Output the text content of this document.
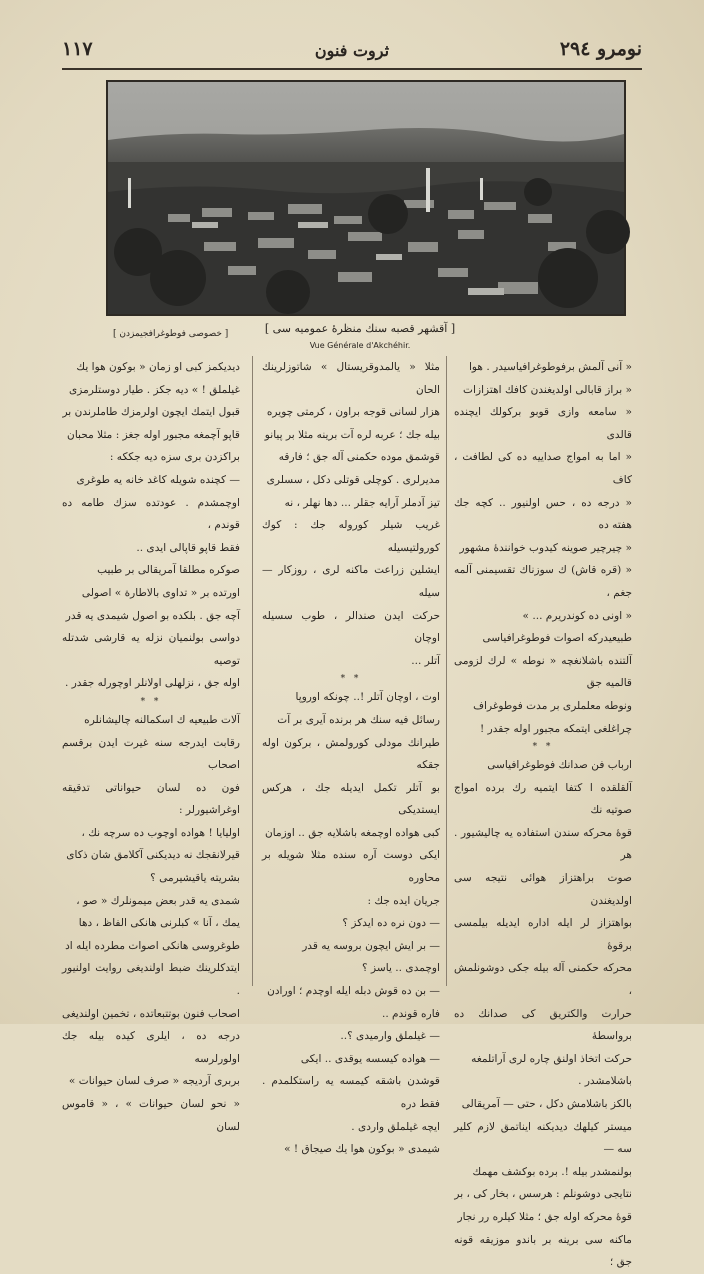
نومرو ٢٩٤
ثروت فنون
١١٧
[ آقشهر قصبه سنك منظرۀ عموميه سى ]
Vue Générale d'Akchéhir.
[ خصوصى فوطوغرافجيمزدن ]

« آنى آلمش برفوطوغرافياسيدر . هوا

« براز قابالى اولديغندن كافك اهتزازات

« سامعه وازى قوبو بركولك ايچنده قالدى

« اما به امواج صداييه ده كى لطافت ، كاف

« درجه ده ، حس اولنيور .. كچه جك هفته ده

« چيرچير صوينه كيدوب خوانندۀ مشهور

« (قره قاش) ك سوزناك تقسيمنى آلمه جغم ،

« اونى ده كوندريرم ... »

طبيعيدركه اصوات فوطوغرافياسى

آلتنده باشلانغچه « نوطه » لرك لزومى قالميه جق

ونوطه معلملرى بر مدت فوطوغراف

چراغلغى ايتمكه مجبور اوله جقدر !

* *

ارباب فن صدانك فوطوغرافياسى

آلقلقده ا كتفا ايتميه رك برده امواج صوتيه نك

قوۀ محركه سندن استفاده يه چاليشيور . هر

صوت براهتزاز هوائى نتيجه سى اولديغندن

بواهتزاز لر ايله اداره ايديله بيلمسى برقوۀ

محركه حكمنى آله بيله جكى دوشونلمش ،

حرارت والكتريق كى صدانك ده برواسطۀ

حركت اتخاذ اولنق چاره لرى آراتلمغه

باشلامشدر .

بالكز باشلامش دكل ، حتى — آمريقالى

ميستر كيلهك ديديكنه ايناتمق لازم كلير سه —

بولنمشدر بيله !. برده بوكشف مهمك

نتايجى دوشونلم : هرسس ، بخار كى ، بر

قوۀ محركه اوله جق ؛ مثلا كيلره رر نجار

ماكنه سى برينه بر باندو موزيقه قونه جق ؛

مثلا « يالمدوقريستال » شاتوزلرينك الحان

هزار لسانى قوجه براون ، كرمتى چويره

بيله جك ؛ عربه لره آت برينه مثلا بر پيانو

قوشمق موده حكمنى آله جق ؛ فارقه

مديرلرى . كوچلى قوتلى دكل ، سسلرى

تيز آدملر آرايه جقلر ... دها نهلر ، نه

غريب شيلر كوروله جك : كوك كورولتيسيله

ايشلين زراعت ماكنه لرى ، روزكار — سيله

حركت ايدن صندالر ، طوب سسيله اوچان

آتلر ...

* *

اوت ، اوچان آتلر !.. چونكه اوروپا

رسائل فيه سنك هر برنده آيرى بر آت

طيرانك مودلى كورولمش ، بركون اوله جقكه

بو آتلر تكمل ايديله جك ، هركس ايستديكى

كبى هواده اوچمغه باشلايه جق .. اوزمان

ايكى دوست آره سنده مثلا شويله بر محاوره

جريان ايده جك :

— دون نره ده ايدكز ؟

— بر ايش ايچون بروسه يه قدر

اوچمدى .. ياسز ؟

— بن ده قوش دبله ايله اوچدم ؛ اورادن

فاره قوندم ..

— غيلملق وارميدى ؟..

— هواده كيسسه يوقدى .. ايكى

قوشدن باشقه كيمسه يه راستكلمدم . فقط دره

ايچه غيلملق واردى .

شيمدى « بوكون هوا يك صيجاق ! »

ديديكمز كبى او زمان « بوكون هوا يك

غيلملق ! » ديه جكز . طيار دوستلرمزى

قبول ايتمك ايچون اولرمزك طاملرندن بر

قاپو آچمغه مجبور اوله جغز : مثلا محبان

براكزدن برى سزه ديه جككه :

— كچنده شويله كاغد خانه يه طوغرى

اوچمشدم . عودتده سزك طامه ده قوندم ،

فقط قاپو قاپالى ايدى ..

صوكره مطلقا آمريقالى بر طبيب

اورتده بر « تداوى بالاطارة » اصولى

آچه جق . بلكده بو اصول شيمدى يه قدر

دواسى بولنميان نزله يه قارشى شدتله توصيه

اوله جق ، نزلهلى اولانلر اوچورله جقدر .

* *

آلات طبيعيه ك اسكمالنه چاليشانلره

رقابت ايدرجه سنه غيرت ايدن برقسم اصحاب

فون ده لسان حيواناتى تدقيقه اوغراشيورلر :

اوليايا ! هواده اوچوب ده سرچه نك ،

قيرلانقجك نه ديديكنى آكلامق شان ذكاى

بشريته ياقيشيرمى ؟

شمدى يه قدر بعض ميمونلرك « صو ،

يمك ، آنا » كبلرنى هانكى الفاظ ، دها

طوغروسى هانكى اصوات مطرده ايله اد

ايتدكلرينك ضبط اولنديغى روايت اولنيور .

اصحاب فنون بوتتبعاتده ، تخمين اولنديغى

درجه ده ، ايلرى كيده بيله جك اولورلرسه

بربرى آرديجه « صرف لسان حيوانات »

« نحو لسان حيوانات » ، « قاموس لسان
